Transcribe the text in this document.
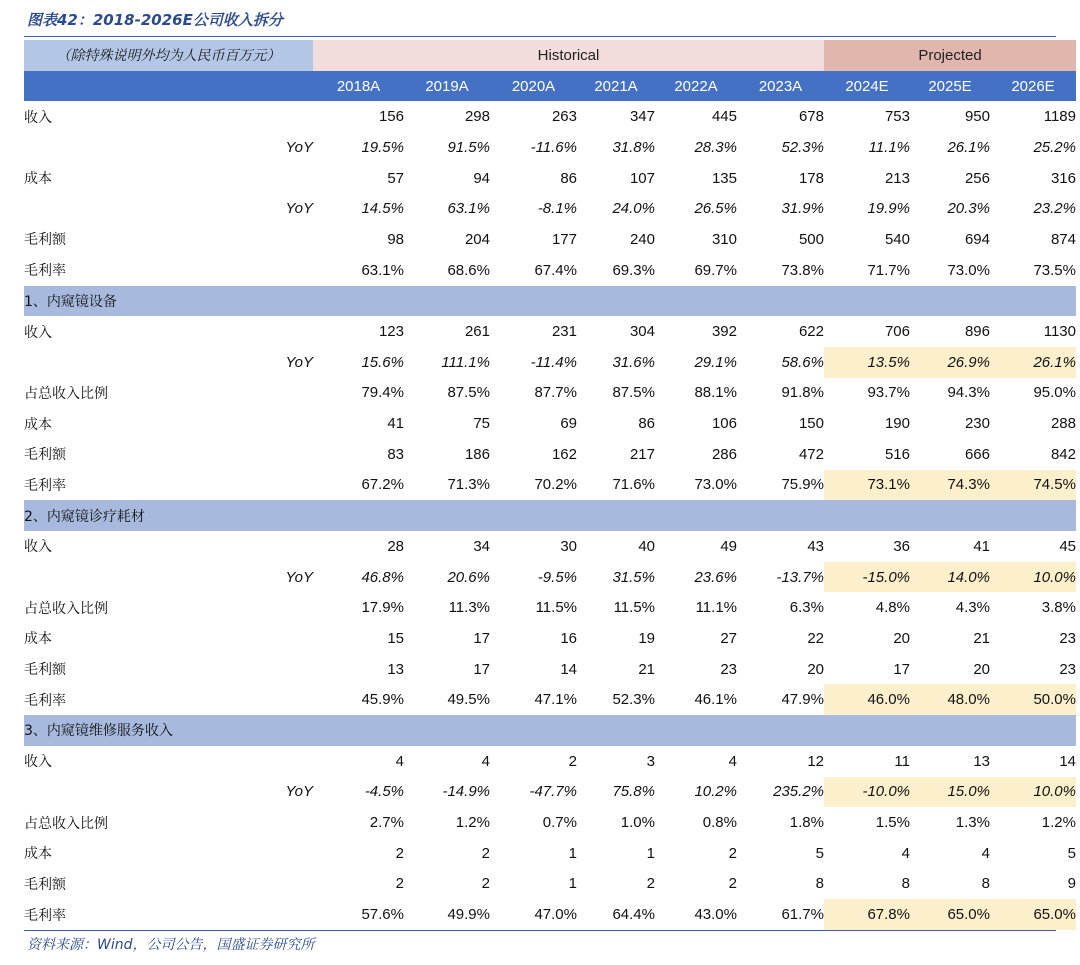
图表42：2018-2026E公司收入拆分
（除特殊说明外均为人民币百万元）		Historical						Projected		
		2018A	2019A	2020A	2021A	2022A	2023A	2024E	2025E	2026E
收入		156	298	263	347	445	678	753	950	1189
	YoY	19.5%	91.5%	-11.6%	31.8%	28.3%	52.3%	11.1%	26.1%	25.2%
成本		57	94	86	107	135	178	213	256	316
	YoY	14.5%	63.1%	-8.1%	24.0%	26.5%	31.9%	19.9%	20.3%	23.2%
毛利额		98	204	177	240	310	500	540	694	874
毛利率		63.1%	68.6%	67.4%	69.3%	69.7%	73.8%	71.7%	73.0%	73.5%
1、内窥镜设备										
收入		123	261	231	304	392	622	706	896	1130
	YoY	15.6%	111.1%	-11.4%	31.6%	29.1%	58.6%	13.5%	26.9%	26.1%
占总收入比例		79.4%	87.5%	87.7%	87.5%	88.1%	91.8%	93.7%	94.3%	95.0%
成本		41	75	69	86	106	150	190	230	288
毛利额		83	186	162	217	286	472	516	666	842
毛利率		67.2%	71.3%	70.2%	71.6%	73.0%	75.9%	73.1%	74.3%	74.5%
2、内窥镜诊疗耗材										
收入		28	34	30	40	49	43	36	41	45
	YoY	46.8%	20.6%	-9.5%	31.5%	23.6%	-13.7%	-15.0%	14.0%	10.0%
占总收入比例		17.9%	11.3%	11.5%	11.5%	11.1%	6.3%	4.8%	4.3%	3.8%
成本		15	17	16	19	27	22	20	21	23
毛利额		13	17	14	21	23	20	17	20	23
毛利率		45.9%	49.5%	47.1%	52.3%	46.1%	47.9%	46.0%	48.0%	50.0%
3、内窥镜维修服务收入										
收入		4	4	2	3	4	12	11	13	14
	YoY	-4.5%	-14.9%	-47.7%	75.8%	10.2%	235.2%	-10.0%	15.0%	10.0%
占总收入比例		2.7%	1.2%	0.7%	1.0%	0.8%	1.8%	1.5%	1.3%	1.2%
成本		2	2	1	1	2	5	4	4	5
毛利额		2	2	1	2	2	8	8	8	9
毛利率		57.6%	49.9%	47.0%	64.4%	43.0%	61.7%	67.8%	65.0%	65.0%
资料来源：Wind，公司公告，国盛证券研究所
